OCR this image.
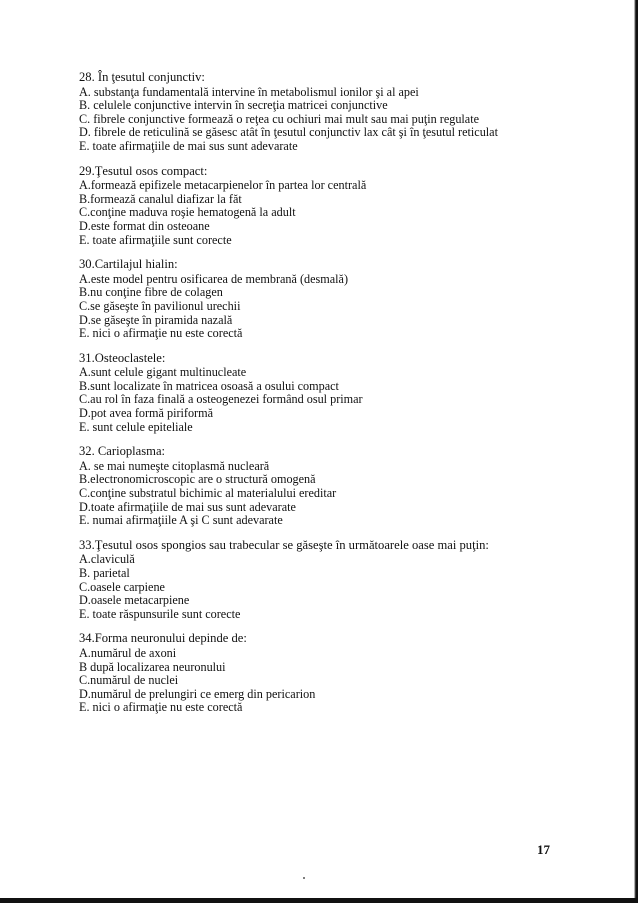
28. În ţesutul conjunctiv:
A. substanţa fundamentală intervine în metabolismul ionilor şi al apei
B. celulele conjunctive intervin în secreţia matricei conjunctive
C. fibrele conjunctive formează o reţea cu ochiuri mai mult sau mai puţin regulate
D. fibrele de reticulină se găsesc atât în ţesutul conjunctiv lax cât şi în ţesutul reticulat
E. toate afirmaţiile de mai sus sunt adevarate
29.Ţesutul osos compact:
A.formează epifizele metacarpienelor în partea lor centrală
B.formează canalul diafizar la făt
C.conţine maduva roşie hematogenă la adult
D.este format din osteoane
E. toate afirmaţiile sunt corecte
30.Cartilajul hialin:
A.este model pentru osificarea de membrană (desmală)
B.nu conţine fibre de colagen
C.se găseşte în pavilionul urechii
D.se găseşte în piramida nazală
E. nici o afirmaţie nu este corectă
31.Osteoclastele:
A.sunt celule gigant multinucleate
B.sunt localizate în matricea osoasă a osului compact
C.au rol în faza finală a osteogenezei formând osul primar
D.pot avea formă piriformă
E. sunt celule epiteliale
32. Carioplasma:
A. se mai numeşte citoplasmă nucleară
B.electronomicroscopic are o structură omogenă
C.conţine substratul bichimic al materialului ereditar
D.toate afirmaţiile de mai sus sunt adevarate
E. numai afirmaţiile A şi C sunt adevarate
33.Ţesutul osos spongios sau trabecular se găseşte în următoarele oase mai puţin:
A.claviculă
B. parietal
C.oasele carpiene
D.oasele metacarpiene
E. toate răspunsurile sunt corecte
34.Forma neuronului depinde de:
A.numărul de axoni
B după localizarea neuronului
C.numărul de nuclei
D.numărul de prelungiri ce emerg din pericarion
E. nici o afirmaţie nu este corectă
17
